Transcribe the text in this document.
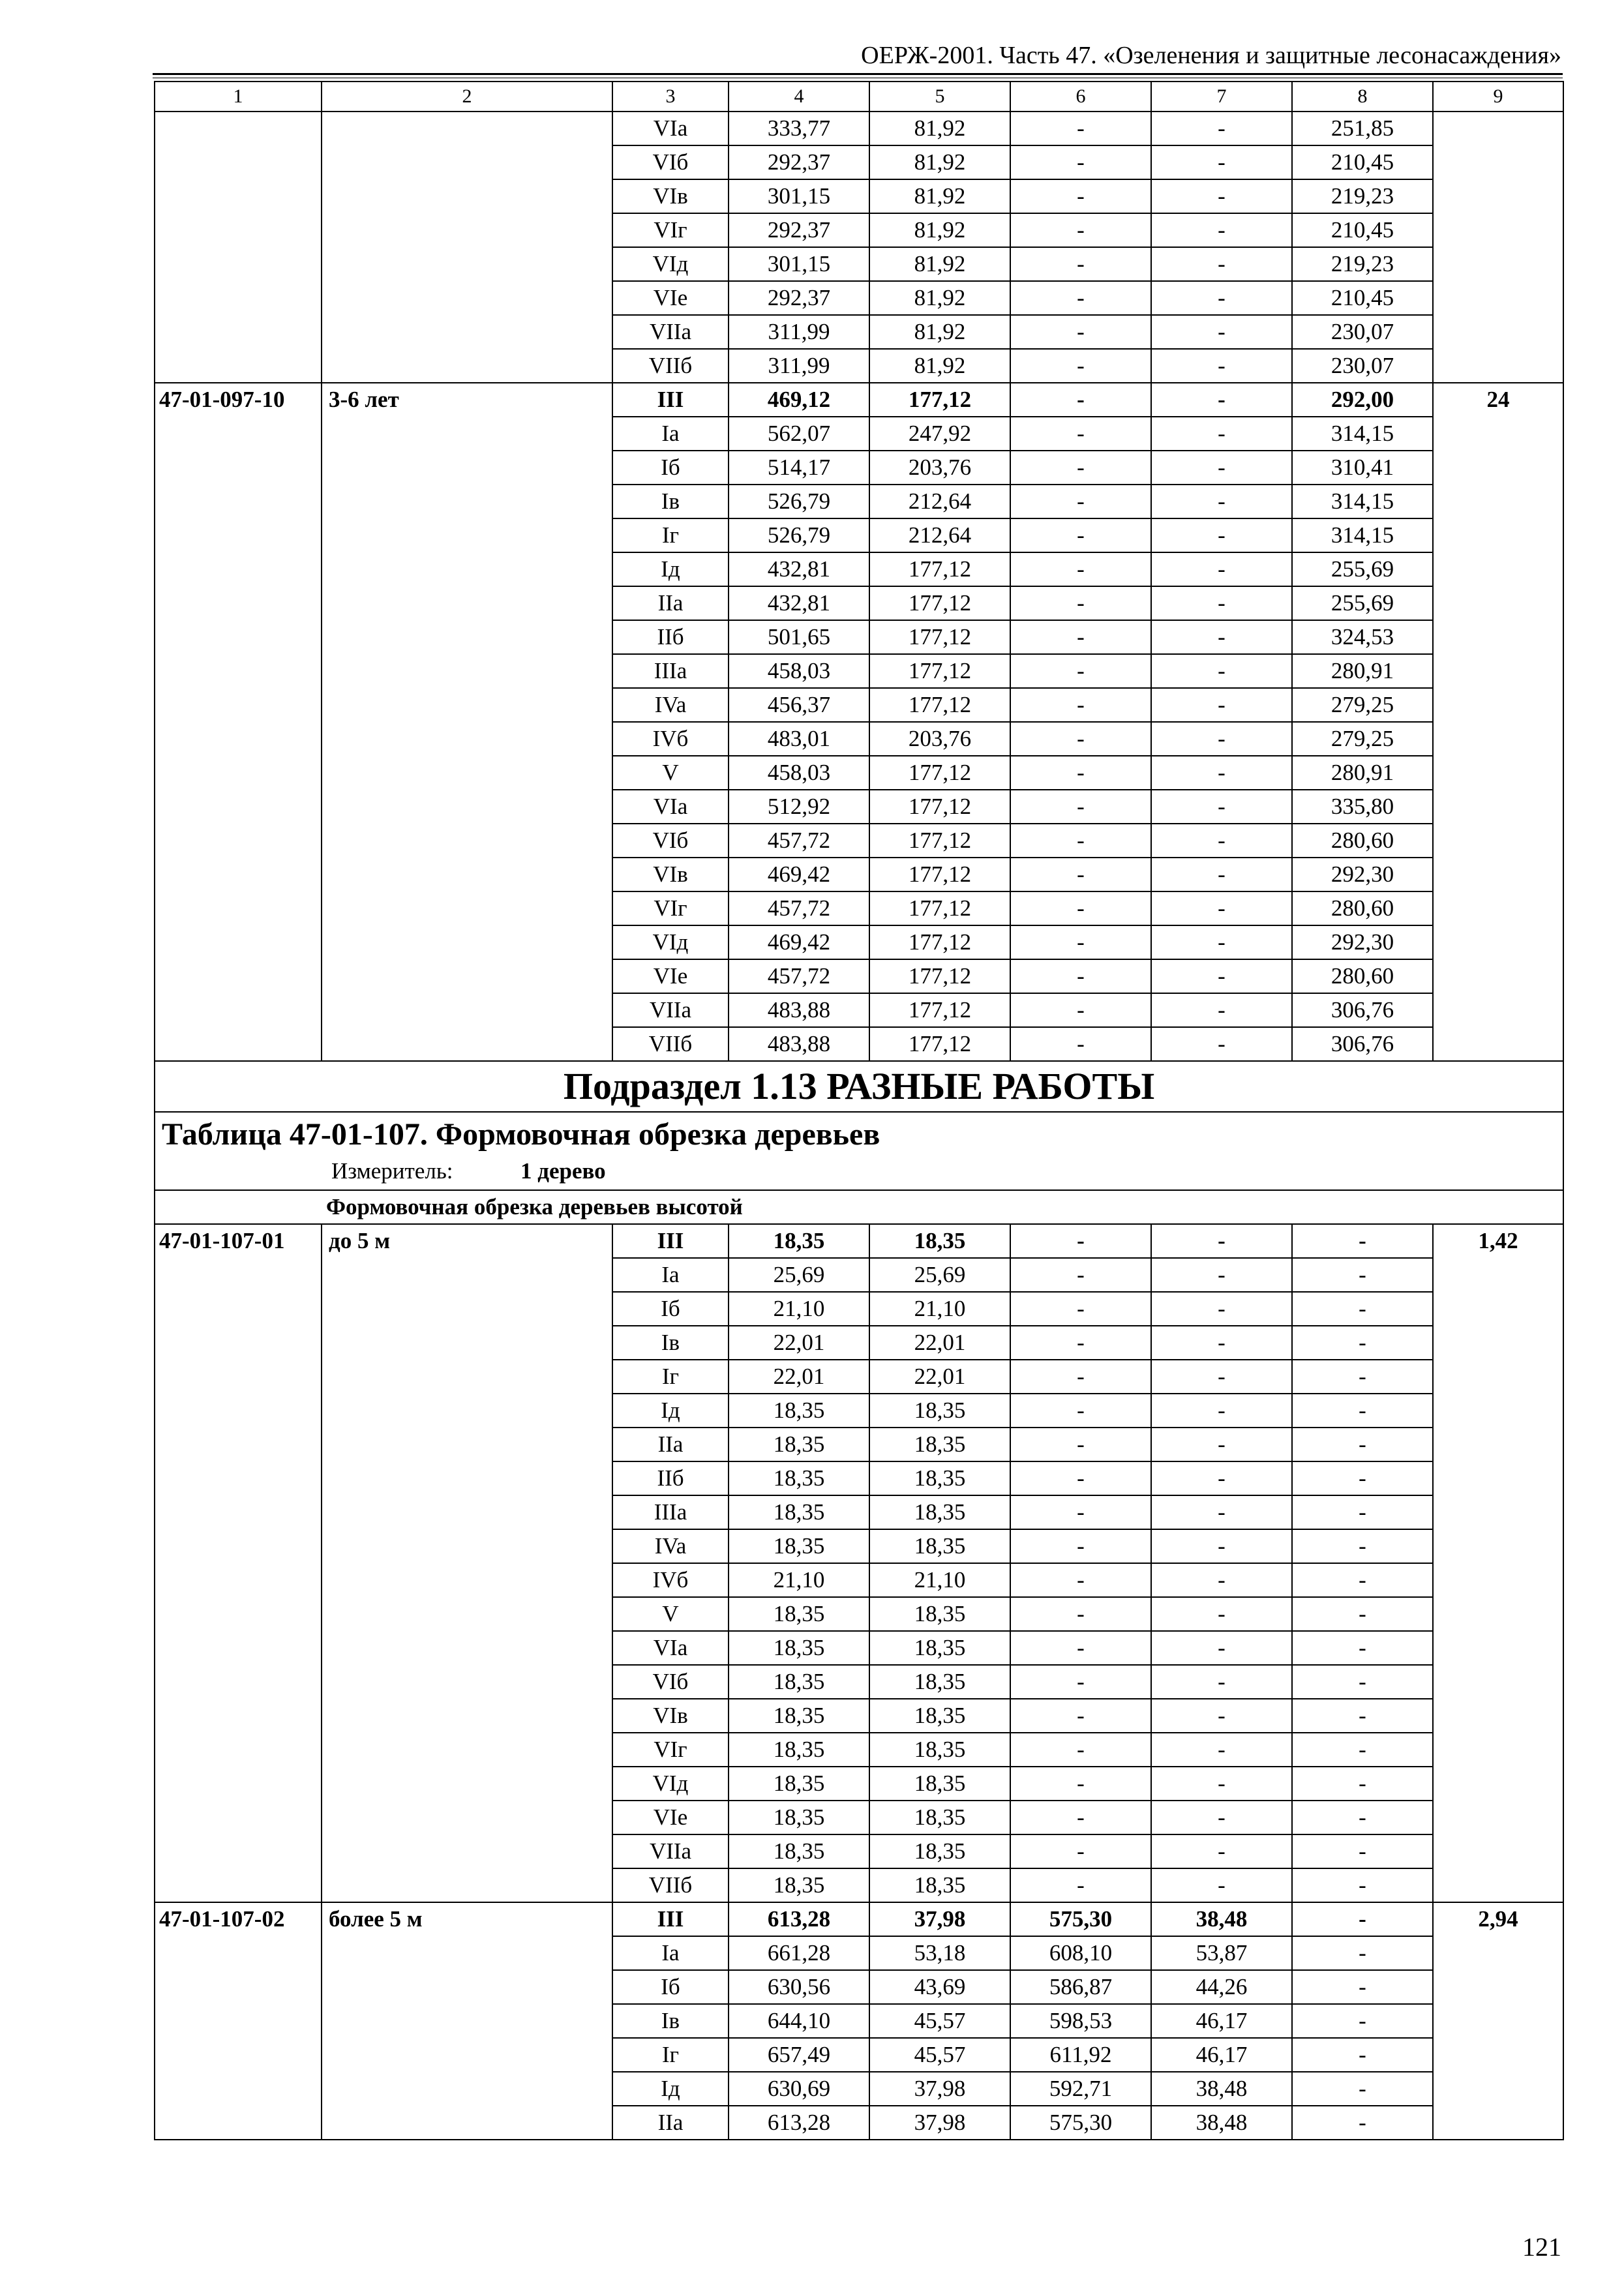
ОЕРЖ-2001. Часть 47. «Озеленения и защитные лесонасаждения»
1	2	3	4	5	6	7	8	9
		VIa	333,77	81,92	-	-	251,85	
		VIб	292,37	81,92	-	-	210,45	
		VIв	301,15	81,92	-	-	219,23	
		VIг	292,37	81,92	-	-	210,45	
		VIд	301,15	81,92	-	-	219,23	
		VIe	292,37	81,92	-	-	210,45	
		VIIa	311,99	81,92	-	-	230,07	
		VIIб	311,99	81,92	-	-	230,07	
47-01-097-10	3-6 лет	III	469,12	177,12	-	-	292,00	24
		Ia	562,07	247,92	-	-	314,15	
		Iб	514,17	203,76	-	-	310,41	
		Iв	526,79	212,64	-	-	314,15	
		Iг	526,79	212,64	-	-	314,15	
		Iд	432,81	177,12	-	-	255,69	
		IIa	432,81	177,12	-	-	255,69	
		IIб	501,65	177,12	-	-	324,53	
		IIIa	458,03	177,12	-	-	280,91	
		IVa	456,37	177,12	-	-	279,25	
		IVб	483,01	203,76	-	-	279,25	
		V	458,03	177,12	-	-	280,91	
		VIa	512,92	177,12	-	-	335,80	
		VIб	457,72	177,12	-	-	280,60	
		VIв	469,42	177,12	-	-	292,30	
		VIг	457,72	177,12	-	-	280,60	
		VIд	469,42	177,12	-	-	292,30	
		VIe	457,72	177,12	-	-	280,60	
		VIIa	483,88	177,12	-	-	306,76	
		VIIб	483,88	177,12	-	-	306,76	
Подраздел 1.13 РАЗНЫЕ РАБОТЫ								

Таблица 47-01-107. Формовочная обрезка деревьев
Измеритель: 1 дерево								

Формовочная обрезка деревьев высотой								
47-01-107-01	до 5 м	III	18,35	18,35	-	-	-	1,42
		Ia	25,69	25,69	-	-	-	
		Iб	21,10	21,10	-	-	-	
		Iв	22,01	22,01	-	-	-	
		Iг	22,01	22,01	-	-	-	
		Iд	18,35	18,35	-	-	-	
		IIa	18,35	18,35	-	-	-	
		IIб	18,35	18,35	-	-	-	
		IIIa	18,35	18,35	-	-	-	
		IVa	18,35	18,35	-	-	-	
		IVб	21,10	21,10	-	-	-	
		V	18,35	18,35	-	-	-	
		VIa	18,35	18,35	-	-	-	
		VIб	18,35	18,35	-	-	-	
		VIв	18,35	18,35	-	-	-	
		VIг	18,35	18,35	-	-	-	
		VIд	18,35	18,35	-	-	-	
		VIe	18,35	18,35	-	-	-	
		VIIa	18,35	18,35	-	-	-	
		VIIб	18,35	18,35	-	-	-	
47-01-107-02	более 5 м	III	613,28	37,98	575,30	38,48	-	2,94
		Ia	661,28	53,18	608,10	53,87	-	
		Iб	630,56	43,69	586,87	44,26	-	
		Iв	644,10	45,57	598,53	46,17	-	
		Iг	657,49	45,57	611,92	46,17	-	
		Iд	630,69	37,98	592,71	38,48	-	
		IIa	613,28	37,98	575,30	38,48	-	
121
